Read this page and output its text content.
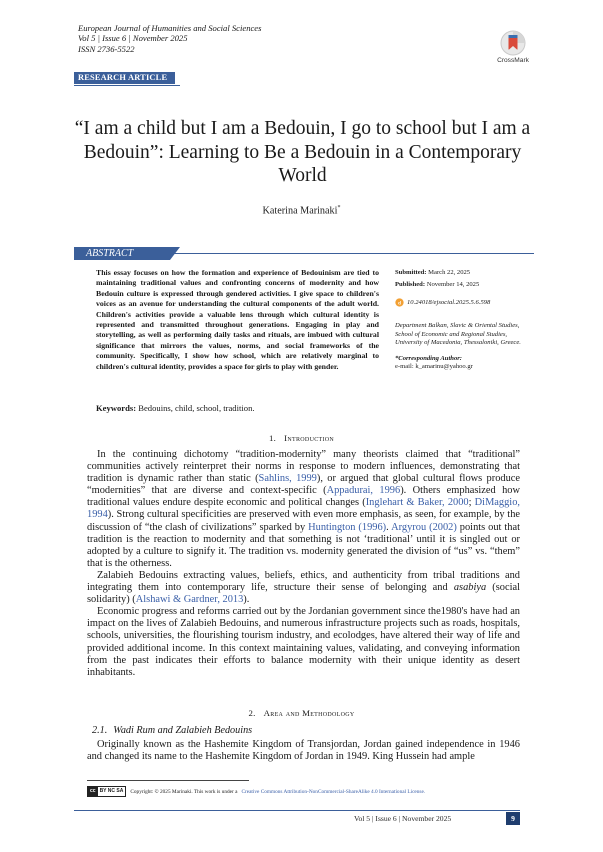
European Journal of Humanities and Social Sciences
Vol 5 | Issue 6 | November 2025
ISSN 2736-5522
CrossMark
RESEARCH ARTICLE
“I am a child but I am a Bedouin, I go to school but I am a Bedouin”: Learning to Be a Bedouin in a Contemporary World
Katerina Marinaki*
ABSTRACT
This essay focuses on how the formation and experience of Bedouinism are tied to maintaining traditional values and confronting concerns of modernity and how Bedouin culture is expressed through gendered activities. I give space to children's voices as an avenue for understanding the cultural components of the adult world. Children's activities provide a valuable lens through which cultural identity is represented and transmitted throughout generations. Engaging in play and storytelling, as well as performing daily tasks and rituals, are imbued with cultural significance that mirrors the values, norms, and social frameworks of the community. Specifically, I show how school, which are relatively marginal to children's cultural identity, provides a space for girls to play with gender.
Submitted: March 22, 2025
Published: November 14, 2025
d 10.24018/ejsocial.2025.5.6.598
Department Balkan, Slavic & Oriental Studies, School of Economic and Regional Studies, University of Macedonia, Thessaloniki, Greece.
*Corresponding Author:
e-mail: k_amarinu@yahoo.gr
Keywords: Bedouins, child, school, tradition.
1. Introduction

In the continuing dichotomy “tradition-modernity” many theorists claimed that “traditional” communities actively reinterpret their norms in response to modern influences, demonstrating that tradition is dynamic rather than static (Sahlins, 1999), or argued that global cultural flows produce “modernities” that are diverse and context-specific (Appadurai, 1996). Others emphasized how traditional values endure despite economic and political changes (Inglehart & Baker, 2000; DiMaggio, 1994). Strong cultural specificities are preserved with even more emphasis, as seen, for example, by the discussion of “the clash of civilizations” sparked by Huntington (1996). Argyrou (2002) points out that tradition is the reaction to modernity and that something is not ‘traditional’ until it is singled out or adopted by a culture to signify it. The tradition vs. modernity generated the division of “us” vs. “them” that is the otherness.

Zalabieh Bedouins extracting values, beliefs, ethics, and authenticity from tribal traditions and integrating them into contemporary life, structure their sense of belonging and asabiya (social solidarity) (Alshawi & Gardner, 2013).

Economic progress and reforms carried out by the Jordanian government since the1980's have had an impact on the lives of Zalabieh Bedouins, and numerous infrastructure projects such as roads, hospitals, schools, universities, the flourishing tourism industry, and ecolodges, have altered their way of life and provided additional income. In this context maintaining values, validating, and conveying information from the past indicates their efforts to balance modernity with their unique identity as desert inhabitants.

2. Area and Methodology
2.1. Wadi Rum and Zalabieh Bedouins

Originally known as the Hashemite Kingdom of Transjordan, Jordan gained independence in 1946 and changed its name to the Hashemite Kingdom of Jordan in 1949. King Hussein had ample

cc BY NC SA	Copyright: © 2025 Marinaki. This work is under a Creative Commons Attribution-NonCommercial-ShareAlike 4.0 International License.
Vol 5 | Issue 6 | November 2025	9
